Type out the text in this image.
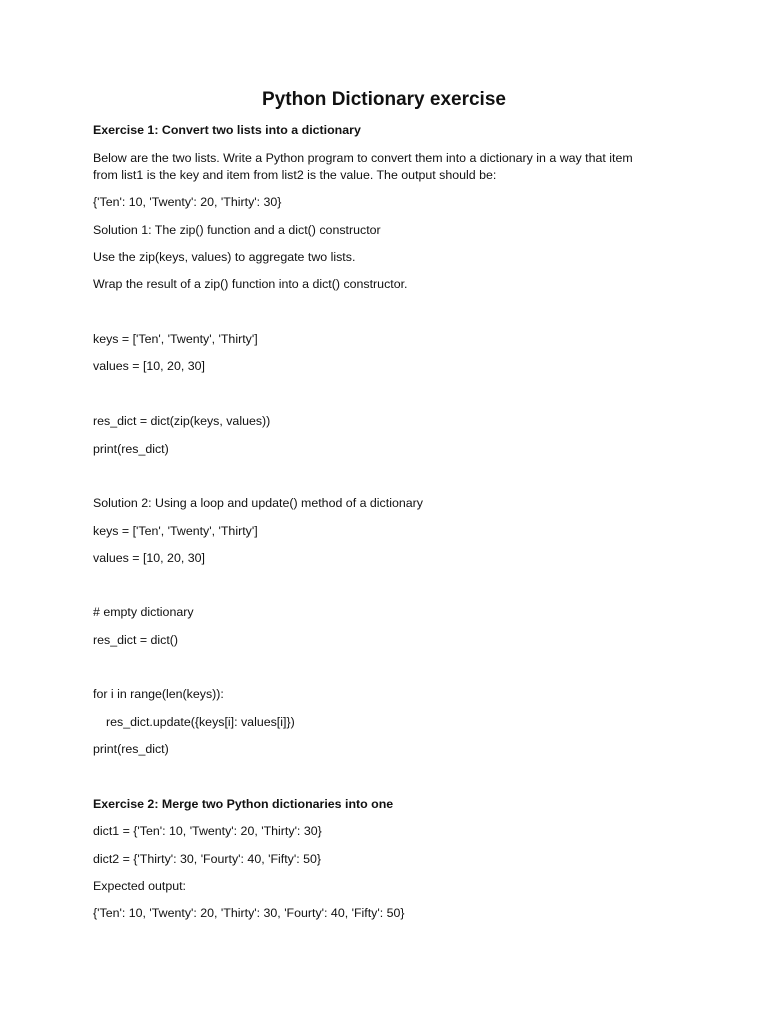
Python Dictionary exercise
Exercise 1: Convert two lists into a dictionary
Below are the two lists. Write a Python program to convert them into a dictionary in a way that item
from list1 is the key and item from list2 is the value. The output should be:
{'Ten': 10, 'Twenty': 20, 'Thirty': 30}
Solution 1: The zip() function and a dict() constructor
Use the zip(keys, values) to aggregate two lists.
Wrap the result of a zip() function into a dict() constructor.
keys = ['Ten', 'Twenty', 'Thirty']
values = [10, 20, 30]
res_dict = dict(zip(keys, values))
print(res_dict)
Solution 2: Using a loop and update() method of a dictionary
keys = ['Ten', 'Twenty', 'Thirty']
values = [10, 20, 30]
# empty dictionary
res_dict = dict()
for i in range(len(keys)):
res_dict.update({keys[i]: values[i]})
print(res_dict)
Exercise 2: Merge two Python dictionaries into one
dict1 = {'Ten': 10, 'Twenty': 20, 'Thirty': 30}
dict2 = {'Thirty': 30, 'Fourty': 40, 'Fifty': 50}
Expected output:
{'Ten': 10, 'Twenty': 20, 'Thirty': 30, 'Fourty': 40, 'Fifty': 50}
